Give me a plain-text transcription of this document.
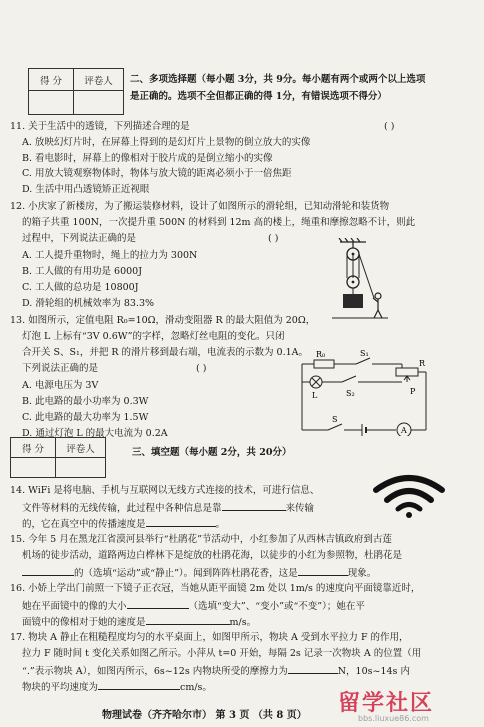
得 分	评卷人
	二、多项选择题（每小题 3分，共 9分。每小题有两个或两个以上选项
是正确的。选项不全但都正确的得 1分，有错误选项不得分）
11. 关于生活中的透镜，下列描述合理的是	( )
A. 放映幻灯片时，在屏幕上得到的是幻灯片上景物的倒立放大的实像
B. 看电影时，屏幕上的像相对于胶片成的是倒立缩小的实像
C. 用放大镜观察物体时，物体与放大镜的距离必须小于一倍焦距
D. 生活中用凸透镜矫正近视眼
12. 小庆家了新楼房，为了搬运装修材料，设计了如图所示的滑轮组，已知动滑轮和装货物
的箱子共重 100N，一次提升重 500N 的材料到 12m 高的楼上，绳重和摩擦忽略不计，则此
过程中，下列说法正确的是	( )
A. 工人提升重物时，绳上的拉力为 300N
B. 工人做的有用功是 6000J
C. 工人做的总功是 10800J
D. 滑轮组的机械效率为 83.3%
13. 如图所示，定值电阻 R₀=10Ω，滑动变阻器 R 的最大阻值为 20Ω，
灯泡 L 上标有“3V 0.6W”的字样，忽略灯丝电阻的变化。只闭
合开关 S、S₁，并把 R 的滑片移到最右端，电流表的示数为 0.1A。
下列说法正确的是	( )
A. 电源电压为 3V
B. 此电路的最小功率为 0.3W
C. 此电路的最大功率为 1.5W
D. 通过灯泡 L 的最大电流为 0.2A
R₀	S₁
R
P
L	S₂
S
A
得 分	评卷人
		三、填空题（每小题 2分，共 20分）
14. WiFi 是将电脑、手机与互联网以无线方式连接的技术，可进行信息、
文件等材料的无线传输，此过程中各种信息是靠	来传输
的，它在真空中的传播速度是	。
15. 今年 5 月在黑龙江省漠河县举行“杜鹃花”节活动中，小红参加了从西林吉镇政府到古莲
机场的徒步活动，道路两边白桦林下是绽放的杜鹃花海，以徒步的小红为参照物，杜鹃花是
的（选填“运动”或“静止”）。闻到阵阵杜鹃花香，这是	现象。
16. 小娇上学出门前照一下镜子正衣冠，当她从距平面镜 2m 处以 1m/s 的速度向平面镜靠近时，
她在平面镜中的像的大小	（选填“变大”、“变小”或“不变”）；她在平
面镜中的像相对于她的速度是	m/s。
17. 物块 A 静止在粗糙程度均匀的水平桌面上，如图甲所示，物块 A 受到水平拉力 F 的作用，
拉力 F 随时间 t 变化关系如图乙所示。小萍从 t=0 开始，每隔 2s 记录一次物块 A 的位置（用
“.”表示物块 A），如图丙所示，6s~12s 内物块所受的摩擦力为	N，10s~14s 内
物块的平均速度为	cm/s。
物理试卷（齐齐哈尔市） 第 3 页 （共 8 页） 留学社区
bbs.liuxue86.com
